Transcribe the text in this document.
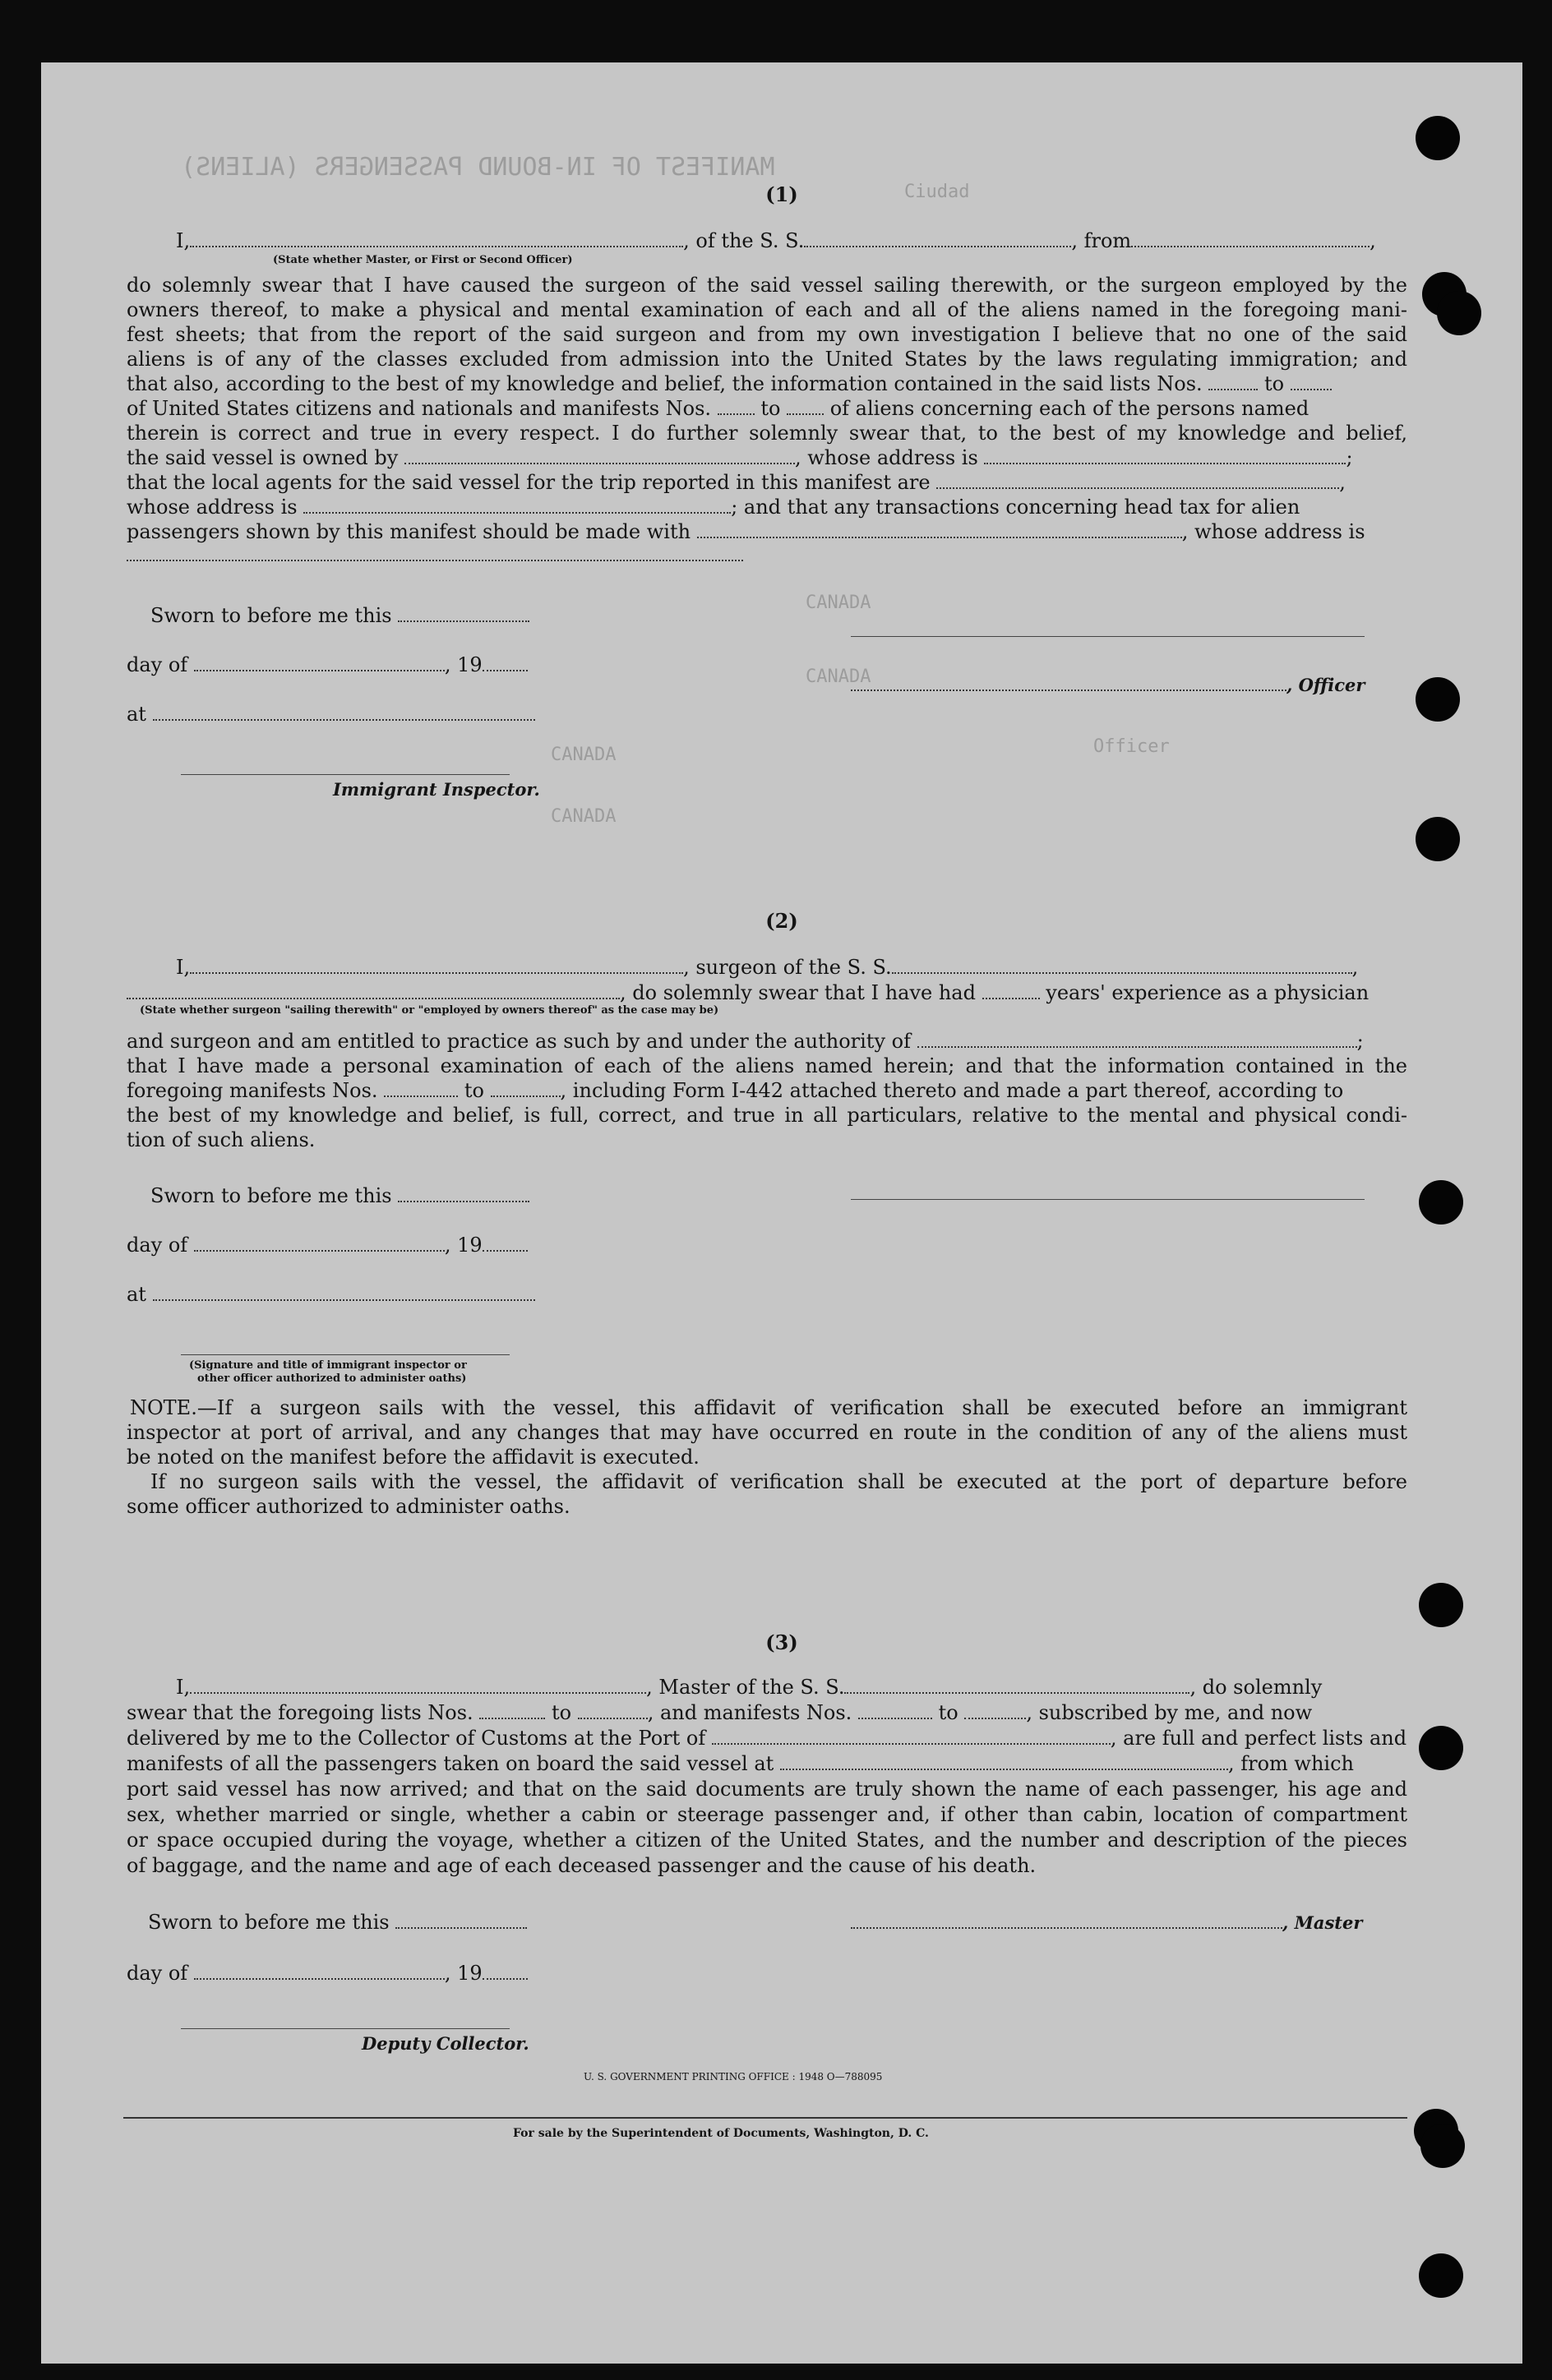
MANIFEST OF IN-BOUND PASSENGERS (ALIENS)
Ciudad
CANADA
CANADA
CANADA
CANADA
Officer
(1)
I,	, of the S. S.	, from	,
(State whether Master, or First or Second Officer)
do solemnly swear that I have caused the surgeon of the said vessel sailing therewith, or the surgeon employed by the
owners thereof, to make a physical and mental examination of each and all of the aliens named in the foregoing mani-
fest sheets; that from the report of the said surgeon and from my own investigation I believe that no one of the said
aliens is of any of the classes excluded from admission into the United States by the laws regulating immigration; and
that also, according to the best of my knowledge and belief, the information contained in the said lists Nos.	to
of United States citizens and nationals and manifests Nos.	to	of aliens concerning each of the persons named
therein is correct and true in every respect. I do further solemnly swear that, to the best of my knowledge and belief,
the said vessel is owned by	, whose address is	;
that the local agents for the said vessel for the trip reported in this manifest are	,
whose address is	; and that any transactions concerning head tax for alien
passengers shown by this manifest should be made with	, whose address is
Sworn to before me this
day of	, 19
at
Immigrant Inspector.
, Officer
(2)
I,	, surgeon of the S. S.	,
, do solemnly swear that I have had	years' experience as a physician
(State whether surgeon "sailing therewith" or "employed by owners thereof" as the case may be)
and surgeon and am entitled to practice as such by and under the authority of	;
that I have made a personal examination of each of the aliens named herein; and that the information contained in the
foregoing manifests Nos.	to	, including Form I-442 attached thereto and made a part thereof, according to
the best of my knowledge and belief, is full, correct, and true in all particulars, relative to the mental and physical condi-
tion of such aliens.
Sworn to before me this
day of	, 19
at
(Signature and title of immigrant inspector or
other officer authorized to administer oaths)
NOTE.—If a surgeon sails with the vessel, this affidavit of verification shall be executed before an immigrant
inspector at port of arrival, and any changes that may have occurred en route in the condition of any of the aliens must
be noted on the manifest before the affidavit is executed.
If no surgeon sails with the vessel, the affidavit of verification shall be executed at the port of departure before
some officer authorized to administer oaths.
(3)
I,	, Master of the S. S.	, do solemnly
swear that the foregoing lists Nos.	to	, and manifests Nos.	to	, subscribed by me, and now
delivered by me to the Collector of Customs at the Port of	, are full and perfect lists and
manifests of all the passengers taken on board the said vessel at	, from which
port said vessel has now arrived; and that on the said documents are truly shown the name of each passenger, his age and
sex, whether married or single, whether a cabin or steerage passenger and, if other than cabin, location of compartment
or space occupied during the voyage, whether a citizen of the United States, and the number and description of the pieces
of baggage, and the name and age of each deceased passenger and the cause of his death.
Sworn to before me this	, Master
day of	, 19
Deputy Collector.
U. S. GOVERNMENT PRINTING OFFICE : 1948 O—788095
For sale by the Superintendent of Documents, Washington, D. C.
